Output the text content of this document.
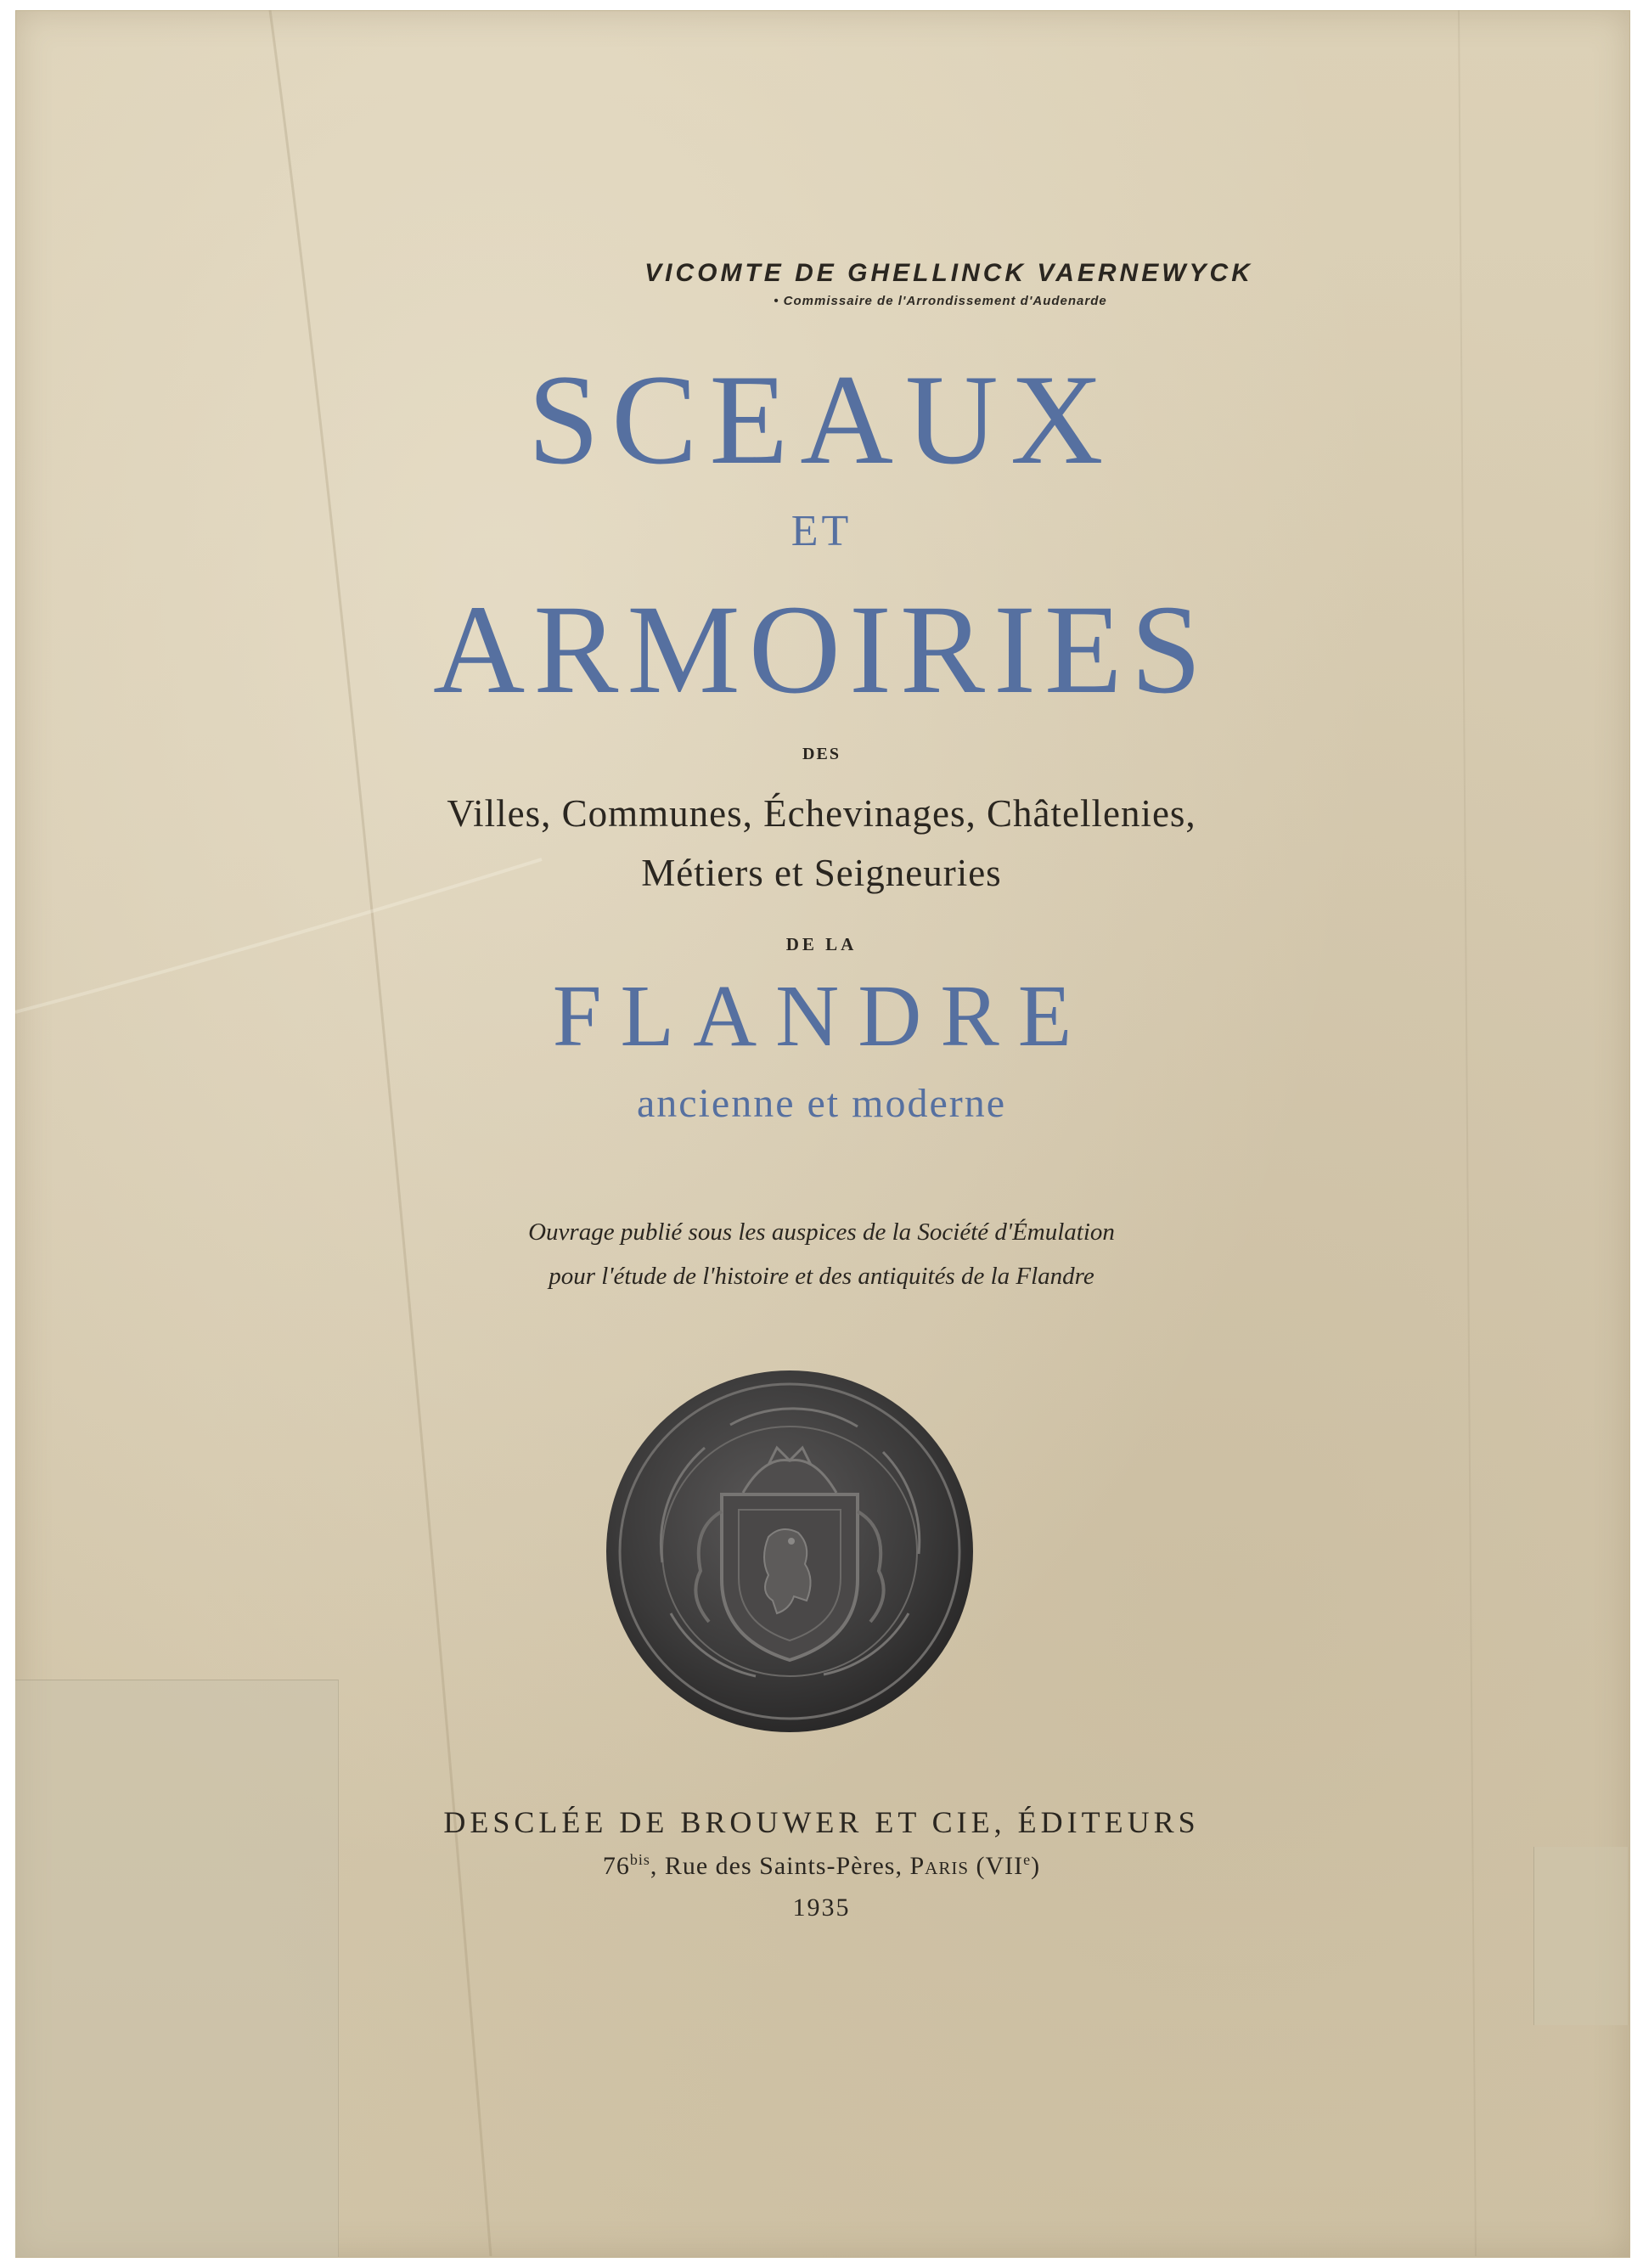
VICOMTE DE GHELLINCK VAERNEWYCK
• Commissaire de l'Arrondissement d'Audenarde
SCEAUX
ET
ARMOIRIES
DES
Villes, Communes, Échevinages, Châtellenies,
Métiers et Seigneuries
DE LA
FLANDRE
ancienne et moderne
Ouvrage publié sous les auspices de la Société d'Émulation
pour l'étude de l'histoire et des antiquités de la Flandre
DESCLÉE DE BROUWER ET CIE, ÉDITEURS
$76^{bis}$, Rue des Saints-Pères, Paris (VIIe)
1935
